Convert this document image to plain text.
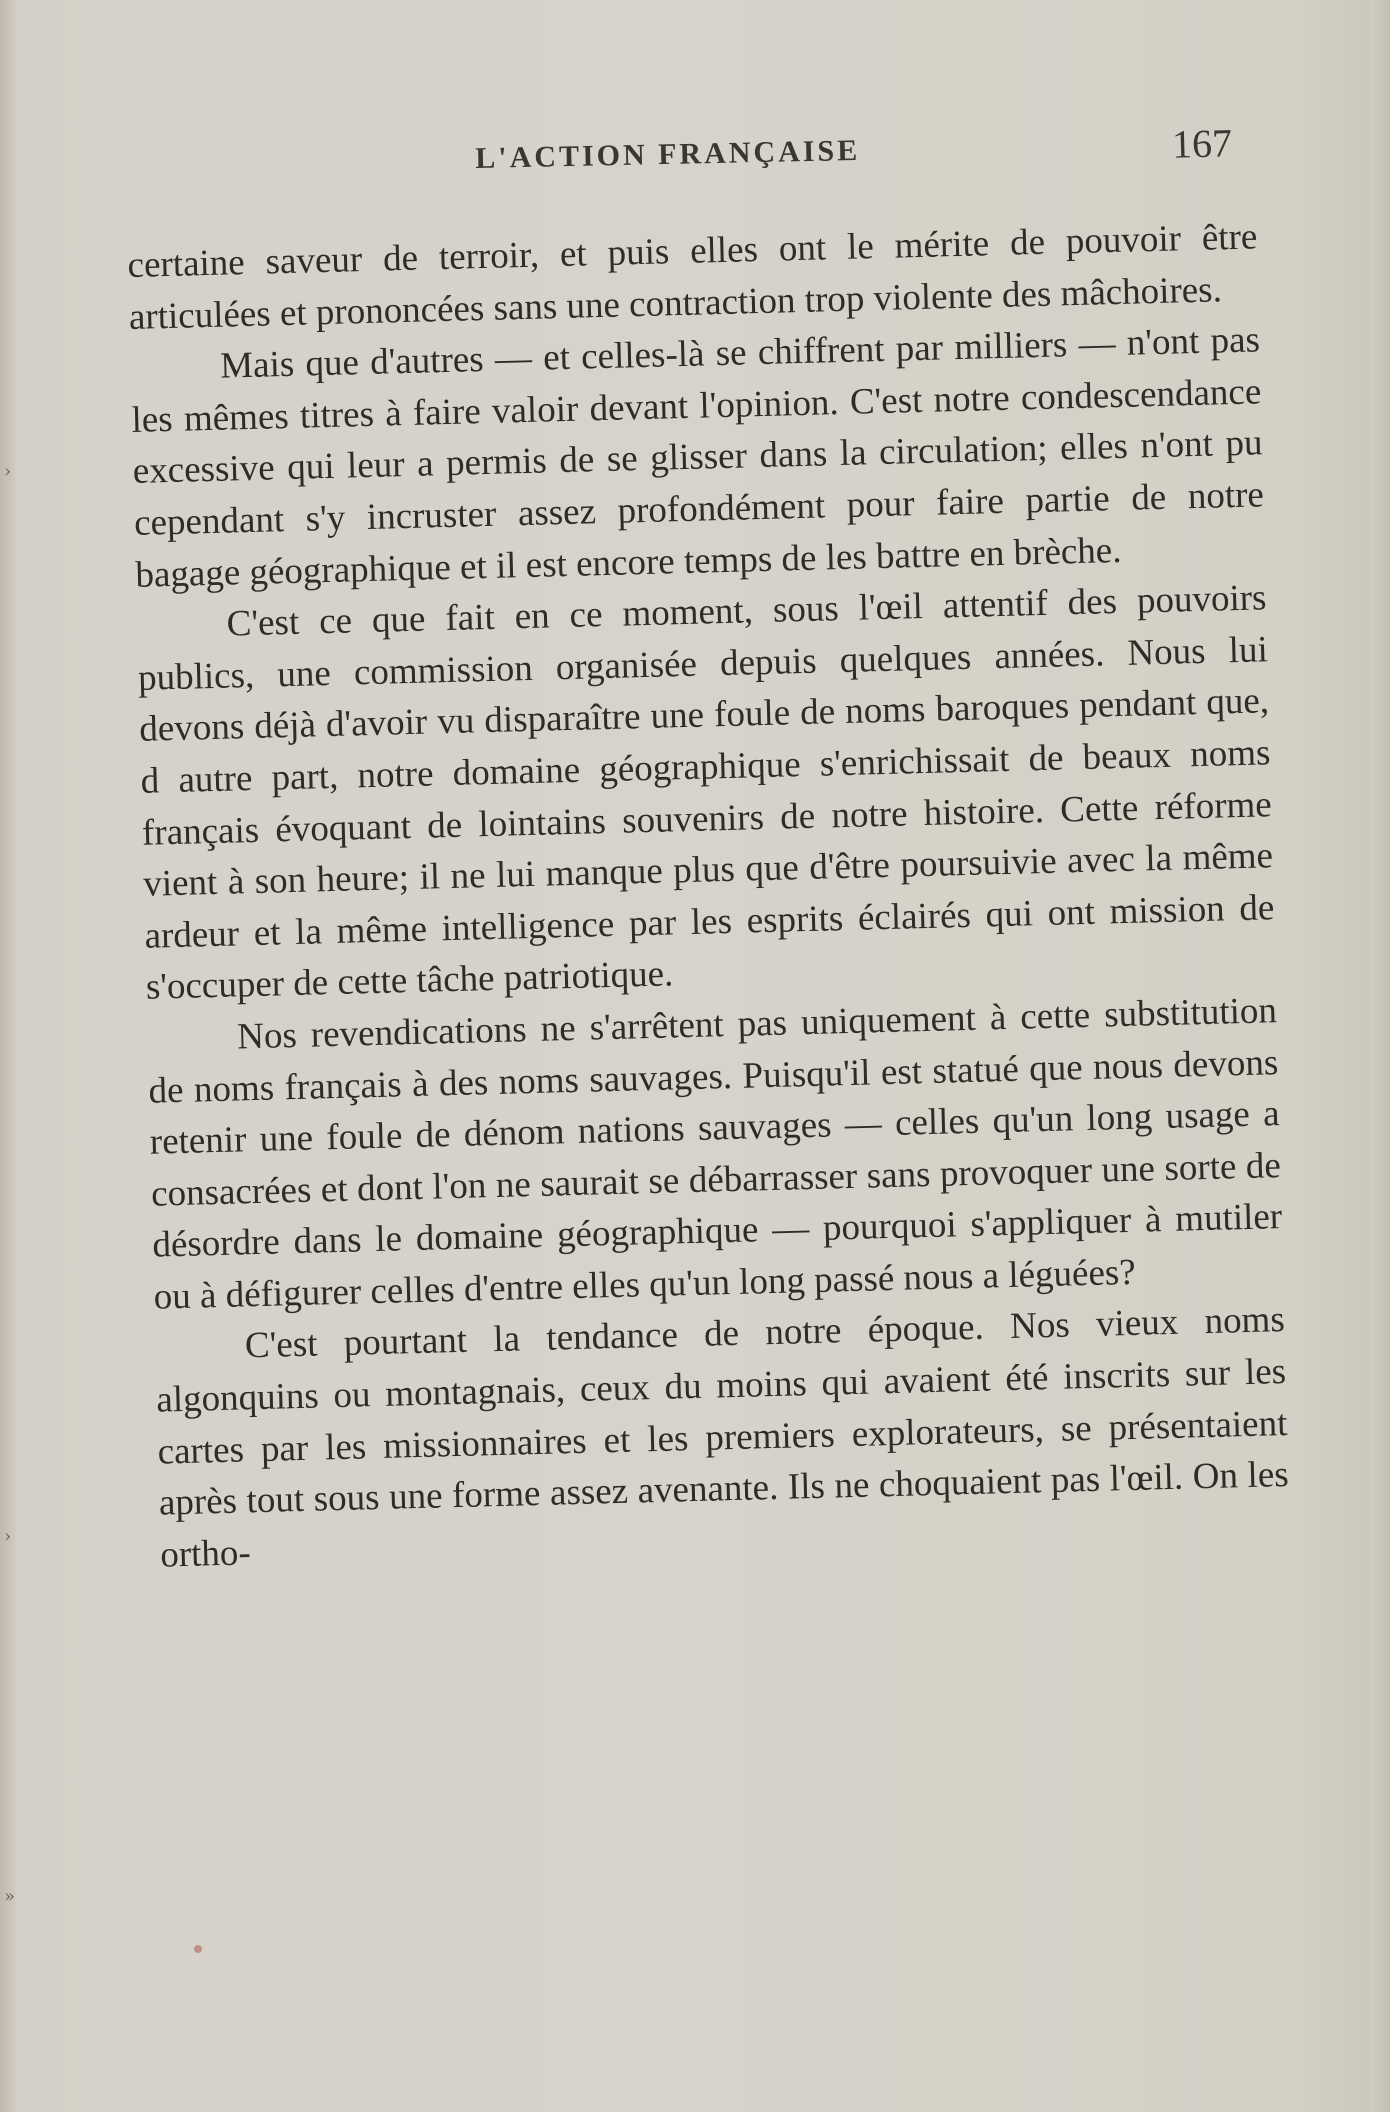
›
›
»
L'ACTION FRANÇAISE	167

certaine saveur de terroir, et puis elles ont le mérite de pouvoir être articulées et prononcées sans une contraction trop violente des mâchoires.

Mais que d'autres — et celles-là se chiffrent par milliers — n'ont pas les mêmes titres à faire valoir devant l'opinion. C'est notre condescendance excessive qui leur a permis de se glisser dans la circulation; elles n'ont pu cependant s'y incruster assez profondément pour faire partie de notre bagage géographique et il est encore temps de les battre en brèche.

C'est ce que fait en ce moment, sous l'œil attentif des pouvoirs publics, une commission organisée depuis quelques années. Nous lui devons déjà d'avoir vu disparaître une foule de noms baroques pendant que, d autre part, notre domaine géographique s'enrichissait de beaux noms français évoquant de lointains souvenirs de notre histoire. Cette réforme vient à son heure; il ne lui manque plus que d'être poursuivie avec la même ardeur et la même intelligence par les esprits éclairés qui ont mission de s'occuper de cette tâche patriotique.

Nos revendications ne s'arrêtent pas uniquement à cette substitution de noms français à des noms sauvages. Puisqu'il est statué que nous devons retenir une foule de dénom nations sauvages — celles qu'un long usage a consacrées et dont l'on ne saurait se débarrasser sans provoquer une sorte de désordre dans le domaine géographique — pourquoi s'appliquer à mutiler ou à défigurer celles d'entre elles qu'un long passé nous a léguées?

C'est pourtant la tendance de notre époque. Nos vieux noms algonquins ou montagnais, ceux du moins qui avaient été inscrits sur les cartes par les missionnaires et les premiers explorateurs, se présentaient après tout sous une forme assez avenante. Ils ne choquaient pas l'œil. On les ortho-
